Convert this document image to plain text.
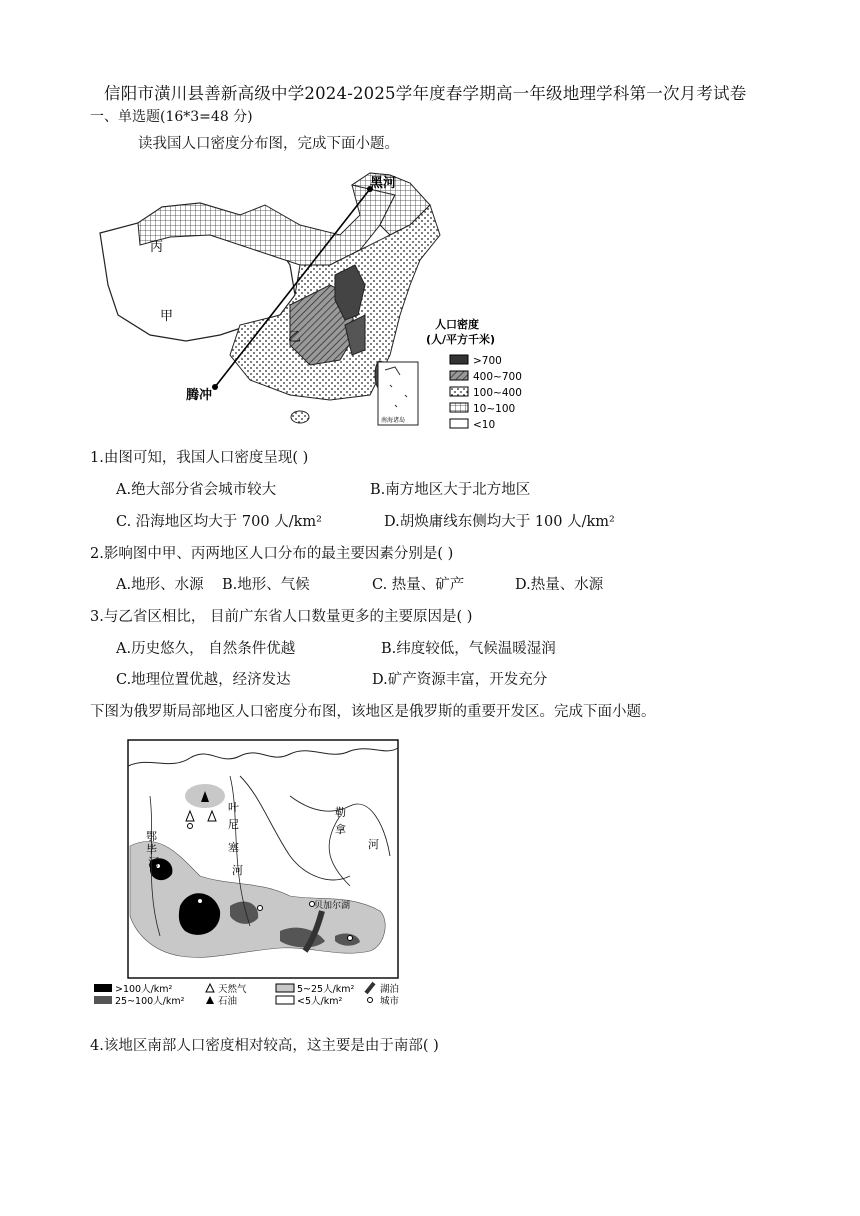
信阳市潢川县善新高级中学2024-2025学年度春学期高一年级地理学科第一次月考试卷
一、单选题(16*3=48 分)
读我国人口密度分布图，完成下面小题。
黑河
腾冲
丙
甲
乙
南海诸岛
人口密度
(人/平方千米)
>700
400~700
100~400
10~100
<10
1.由图可知，我国人口密度呈现( )
A.绝大部分省会城市较大	B.南方地区大于北方地区
C. 沿海地区均大于 700 人/km²	D.胡焕庸线东侧均大于 100 人/km²
2.影响图中甲、丙两地区人口分布的最主要因素分别是( )
A.地形、水源 B.地形、气候	C. 热量、矿产	D.热量、水源
3.与乙省区相比， 目前广东省人口数量更多的主要原因是( )
A.历史悠久， 自然条件优越	B.纬度较低，气候温暖湿润
C.地理位置优越，经济发达	D.矿产资源丰富，开发充分
下图为俄罗斯局部地区人口密度分布图，该地区是俄罗斯的重要开发区。完成下面小题。
鄂
毕
河
叶
尼
塞
河
勒
拿
河
贝加尔湖
>100人/km²	天然气	5~25人/km²	湖泊
25~100人/km²	石油	<5人/km²	城市
4.该地区南部人口密度相对较高，这主要是由于南部( )
